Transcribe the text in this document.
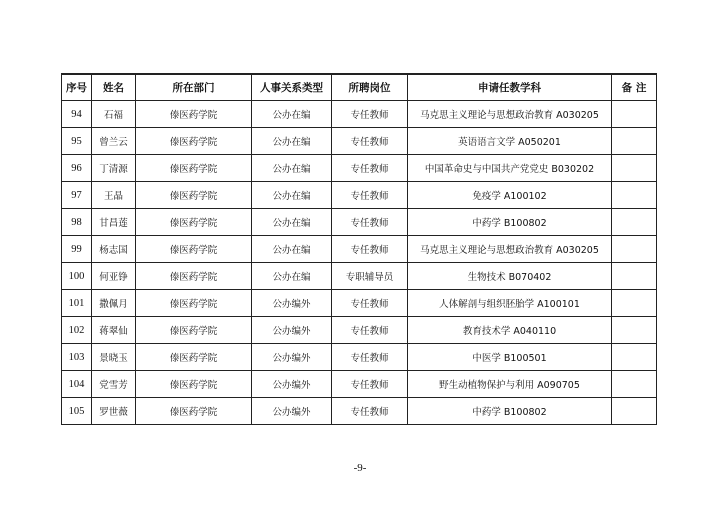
序号	姓名	所在部门	人事关系类型	所聘岗位	申请任教学科	备 注
94	石福	傣医药学院	公办在编	专任教师	马克思主义理论与思想政治教育 A030205	
95	曾兰云	傣医药学院	公办在编	专任教师	英语语言文学 A050201	
96	丁清源	傣医药学院	公办在编	专任教师	中国革命史与中国共产党党史 B030202	
97	王晶	傣医药学院	公办在编	专任教师	免疫学 A100102	
98	甘昌莲	傣医药学院	公办在编	专任教师	中药学 B100802	
99	杨志国	傣医药学院	公办在编	专任教师	马克思主义理论与思想政治教育 A030205	
100	何亚铮	傣医药学院	公办在编	专职辅导员	生物技术 B070402	
101	撒佩月	傣医药学院	公办编外	专任教师	人体解剖与组织胚胎学 A100101	
102	蒋翠仙	傣医药学院	公办编外	专任教师	教育技术学 A040110	
103	景晓玉	傣医药学院	公办编外	专任教师	中医学 B100501	
104	党雪芳	傣医药学院	公办编外	专任教师	野生动植物保护与利用 A090705	
105	罗世薇	傣医药学院	公办编外	专任教师	中药学 B100802	
-9-
